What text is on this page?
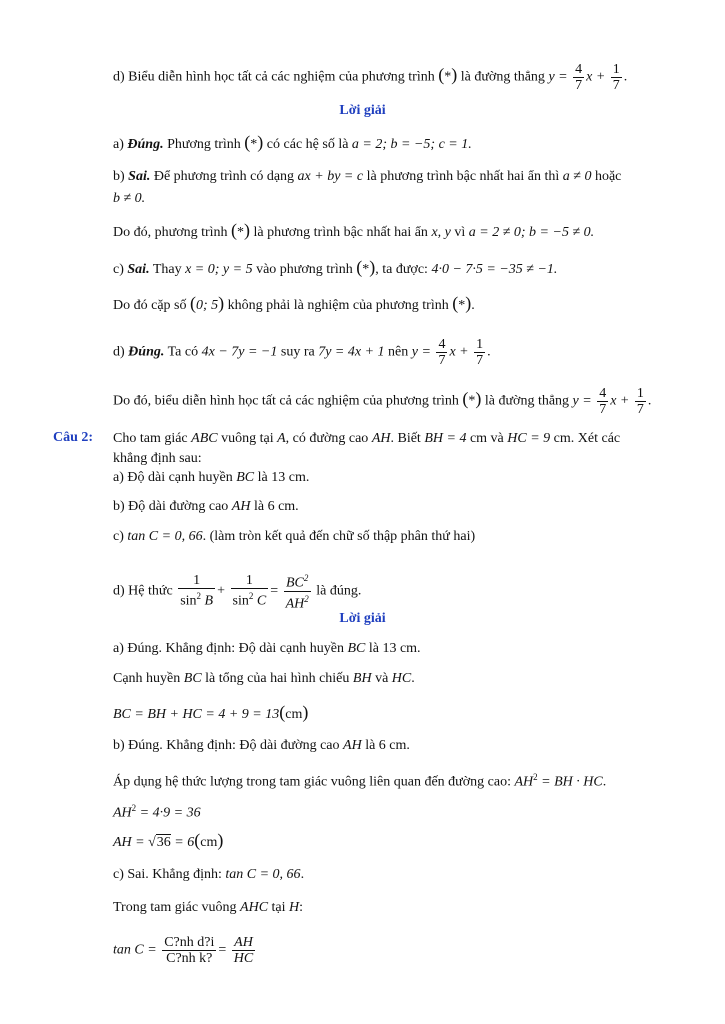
d) Biểu diễn hình học tất cả các nghiệm của phương trình (*) là đường thẳng $y = \frac{4}{7}$ $x + \frac{1}{7}$ .
Lời giải
a) Đúng. Phương trình (*) có các hệ số là a = 2; b = −5; c = 1.
b) Sai. Để phương trình có dạng ax + by = c là phương trình bậc nhất hai ẩn thì a ≠ 0 hoặc
b ≠ 0.
Do đó, phương trình (*) là phương trình bậc nhất hai ẩn x, y vì a = 2 ≠ 0; b = −5 ≠ 0.
c) Sai. Thay x = 0; y = 5 vào phương trình (*), ta được: 4·0 − 7·5 = −35 ≠ −1.
Do đó cặp số (0; 5) không phải là nghiệm của phương trình (*).
d) Đúng. Ta có 4x − 7y = −1 suy ra 7y = 4x + 1 nên $y = \frac{4}{7}$ $x + \frac{1}{7}$ .
Do đó, biểu diễn hình học tất cả các nghiệm của phương trình (*) là đường thẳng $y = \frac{4}{7}$ $x + \frac{1}{7}$ .
Câu 2: Cho tam giác ABC vuông tại A, có đường cao AH. Biết BH = 4 cm và HC = 9 cm. Xét các
khẳng định sau:
a) Độ dài cạnh huyền BC là 13 cm.
b) Độ dài đường cao AH là 6 cm.
c) tan C = 0, 66. (làm tròn kết quả đến chữ số thập phân thứ hai)
d) Hệ thức $\frac{1}{\sin^2 B} + \frac{1}{\sin^2 C} = \frac{BC^2}{AH^2}$ là đúng.
Lời giải
a) Đúng. Khẳng định: Độ dài cạnh huyền BC là 13 cm.
Cạnh huyền BC là tổng của hai hình chiếu BH và HC.
BC = BH + HC = 4 + 9 = 13(cm)
b) Đúng. Khẳng định: Độ dài đường cao AH là 6 cm.
Áp dụng hệ thức lượng trong tam giác vuông liên quan đến đường cao: $AH^2$ = BH · HC.
$AH^2 = 4\cdot 9 = 36$
AH = √36 = 6(cm)
c) Sai. Khẳng định: tan C = 0, 66.
Trong tam giác vuông AHC tại H:
$\tan C = \frac{\text{C?nh d?i}}{\text{C?nh k?}} = \frac{AH}{HC}$
